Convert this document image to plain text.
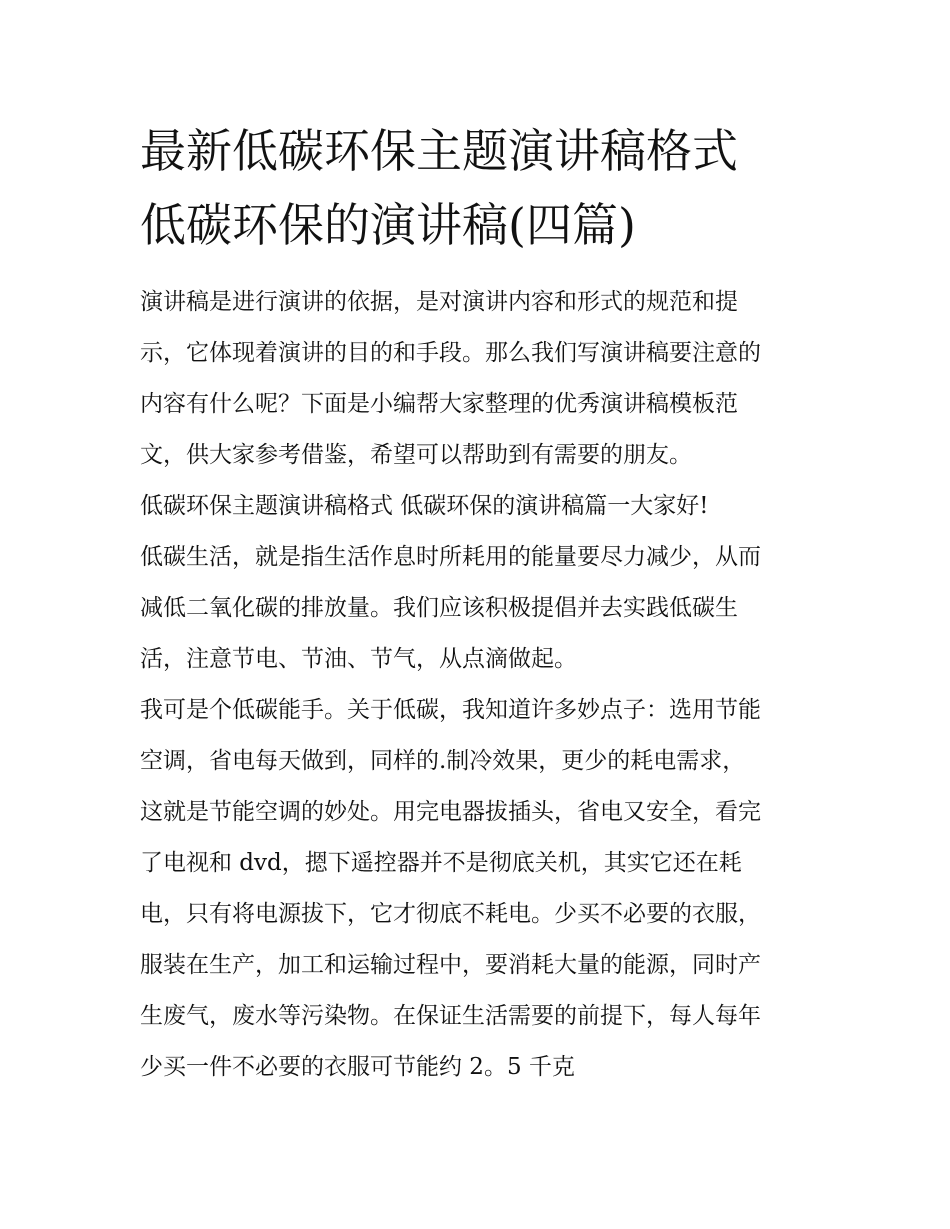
最新低碳环保主题演讲稿格式
低碳环保的演讲稿(四篇)

演讲稿是进行演讲的依据，是对演讲内容和形式的规范和提
示，它体现着演讲的目的和手段。那么我们写演讲稿要注意的
内容有什么呢？下面是小编帮大家整理的优秀演讲稿模板范
文，供大家参考借鉴，希望可以帮助到有需要的朋友。

低碳环保主题演讲稿格式 低碳环保的演讲稿篇一大家好!

低碳生活，就是指生活作息时所耗用的能量要尽力减少，从而
减低二氧化碳的排放量。我们应该积极提倡并去实践低碳生
活，注意节电、节油、节气，从点滴做起。

我可是个低碳能手。关于低碳，我知道许多妙点子：选用节能
空调，省电每天做到，同样的.制冷效果，更少的耗电需求，
这就是节能空调的妙处。用完电器拔插头，省电又安全，看完
了电视和 dvd，摁下遥控器并不是彻底关机，其实它还在耗
电，只有将电源拔下，它才彻底不耗电。少买不必要的衣服，
服装在生产，加工和运输过程中，要消耗大量的能源，同时产
生废气，废水等污染物。在保证生活需要的前提下，每人每年
少买一件不必要的衣服可节能约 2。5 千克
